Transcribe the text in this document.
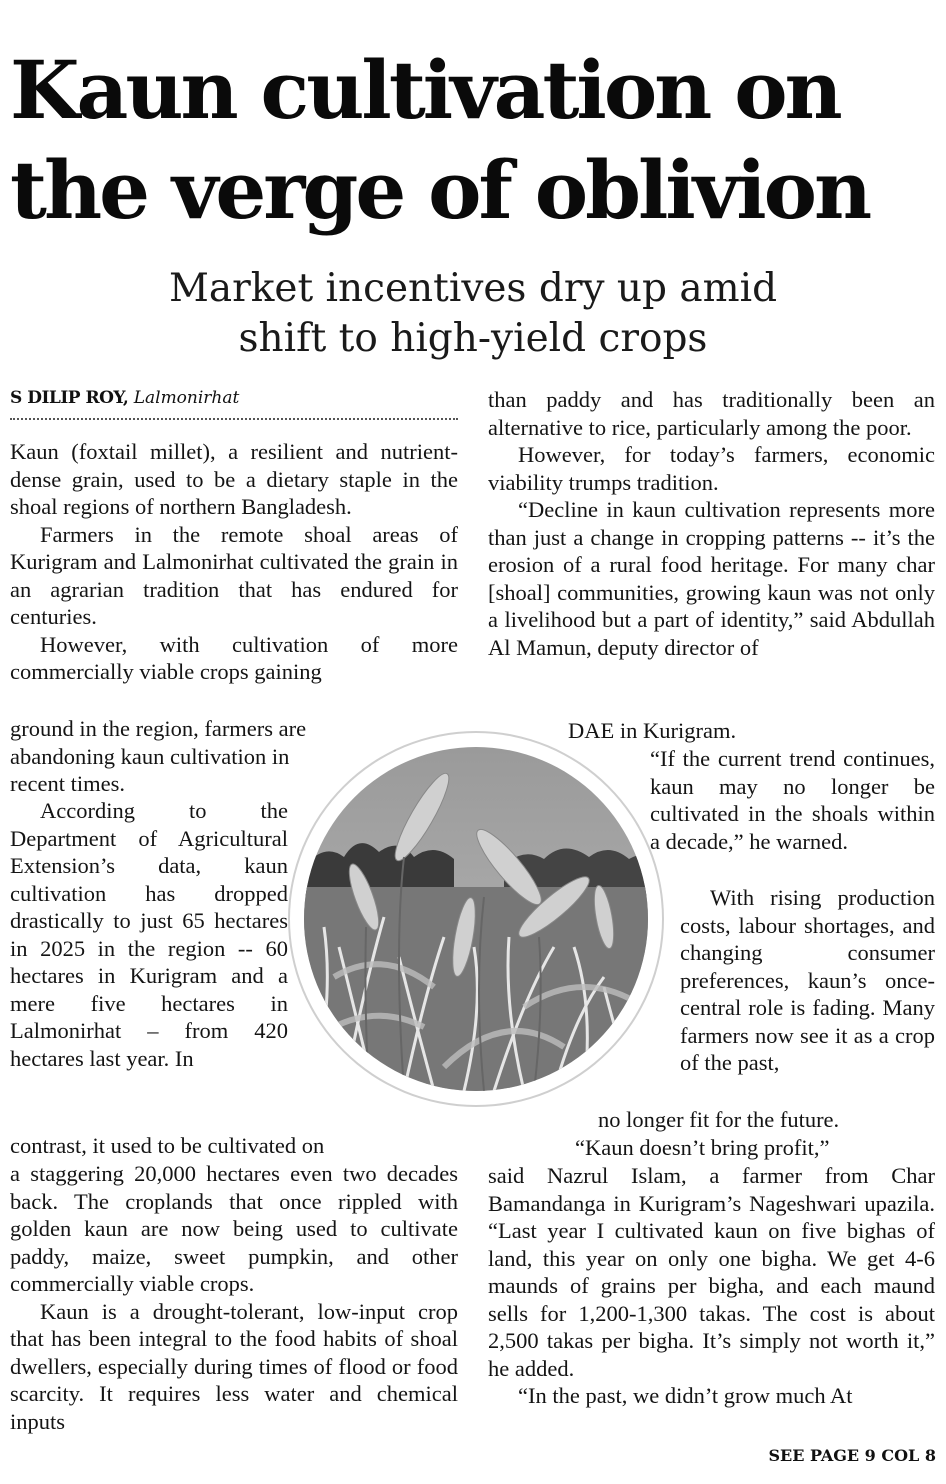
Kaun cultivation on
the verge of oblivion
Market incentives dry up amid
shift to high-yield crops
S DILIP ROY, Lalmonirhat

Kaun (foxtail millet), a resilient and nutrient-dense grain, used to be a dietary staple in the shoal regions of northern Bangladesh.

Farmers in the remote shoal areas of Kurigram and Lalmonirhat cultivated the grain in an agrarian tradition that has endured for centuries.

However, with cultivation of more commercially viable crops gaining

ground in the region, farmers are abandoning kaun cultivation in recent times.

According to the Department of Agricultural Extension’s data, kaun cultivation has dropped drastically to just 65 hectares in 2025 in the region -- 60 hectares in Kurigram and a mere five hectares in Lalmonirhat – from 420 hectares last year. In

contrast, it used to be cultivated on

a staggering 20,000 hectares even two decades back. The croplands that once rippled with golden kaun are now being used to cultivate paddy, maize, sweet pumpkin, and other commercially viable crops.

Kaun is a drought-tolerant, low-input crop that has been integral to the food habits of shoal dwellers, especially during times of flood or food scarcity. It requires less water and chemical inputs

than paddy and has traditionally been an alternative to rice, particularly among the poor.

However, for today’s farmers, economic viability trumps tradition.

“Decline in kaun cultivation represents more than just a change in cropping patterns -- it’s the erosion of a rural food heritage. For many char [shoal] communities, growing kaun was not only a livelihood but a part of identity,” said Abdullah Al Mamun, deputy director of

DAE in Kurigram.

“If the current trend continues, kaun may no longer be cultivated in the shoals within a decade,” he warned.

With rising production costs, labour shortages, and changing consumer preferences, kaun’s once-central role is fading. Many farmers now see it as a crop of the past,

no longer fit for the future.

“Kaun doesn’t bring profit,”

said Nazrul Islam, a farmer from Char Bamandanga in Kurigram’s Nageshwari upazila. “Last year I cultivated kaun on five bighas of land, this year on only one bigha. We get 4-6 maunds of grains per bigha, and each maund sells for 1,200-1,300 takas. The cost is about 2,500 takas per bigha. It’s simply not worth it,” he added.

“In the past, we didn’t grow much At

SEE PAGE 9 COL 8
